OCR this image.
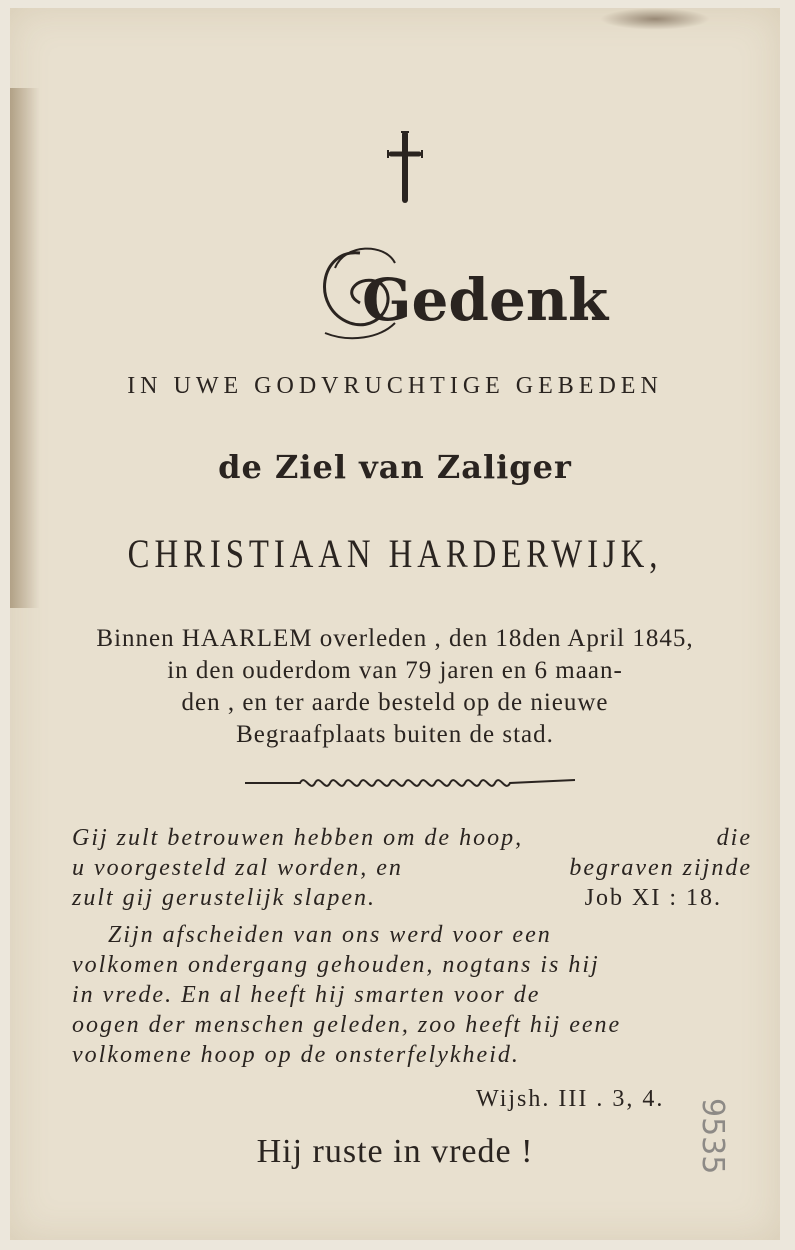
Gedenk
IN UWE GODVRUCHTIGE GEBEDEN
de Ziel van Zaliger
CHRISTIAAN HARDERWIJK,
Binnen HAARLEM overleden , den 18den April 1845,
in den ouderdom van 79 jaren en 6 maan-
den , en ter aarde besteld op de nieuwe
Begraafplaats buiten de stad.
Gij zult betrouwen hebben om de hoop,	die
u voorgesteld zal worden, en	begraven zijnde
zult gij gerustelijk slapen.	Job XI : 18.
Zijn afscheiden van ons werd voor een
volkomen ondergang gehouden, nogtans is hij
in vrede. En al heeft hij smarten voor de
oogen der menschen geleden, zoo heeft hij eene
volkomene hoop op de onsterfelykheid.
Wijsh. III . 3, 4.
Hij ruste in vrede !	9535
